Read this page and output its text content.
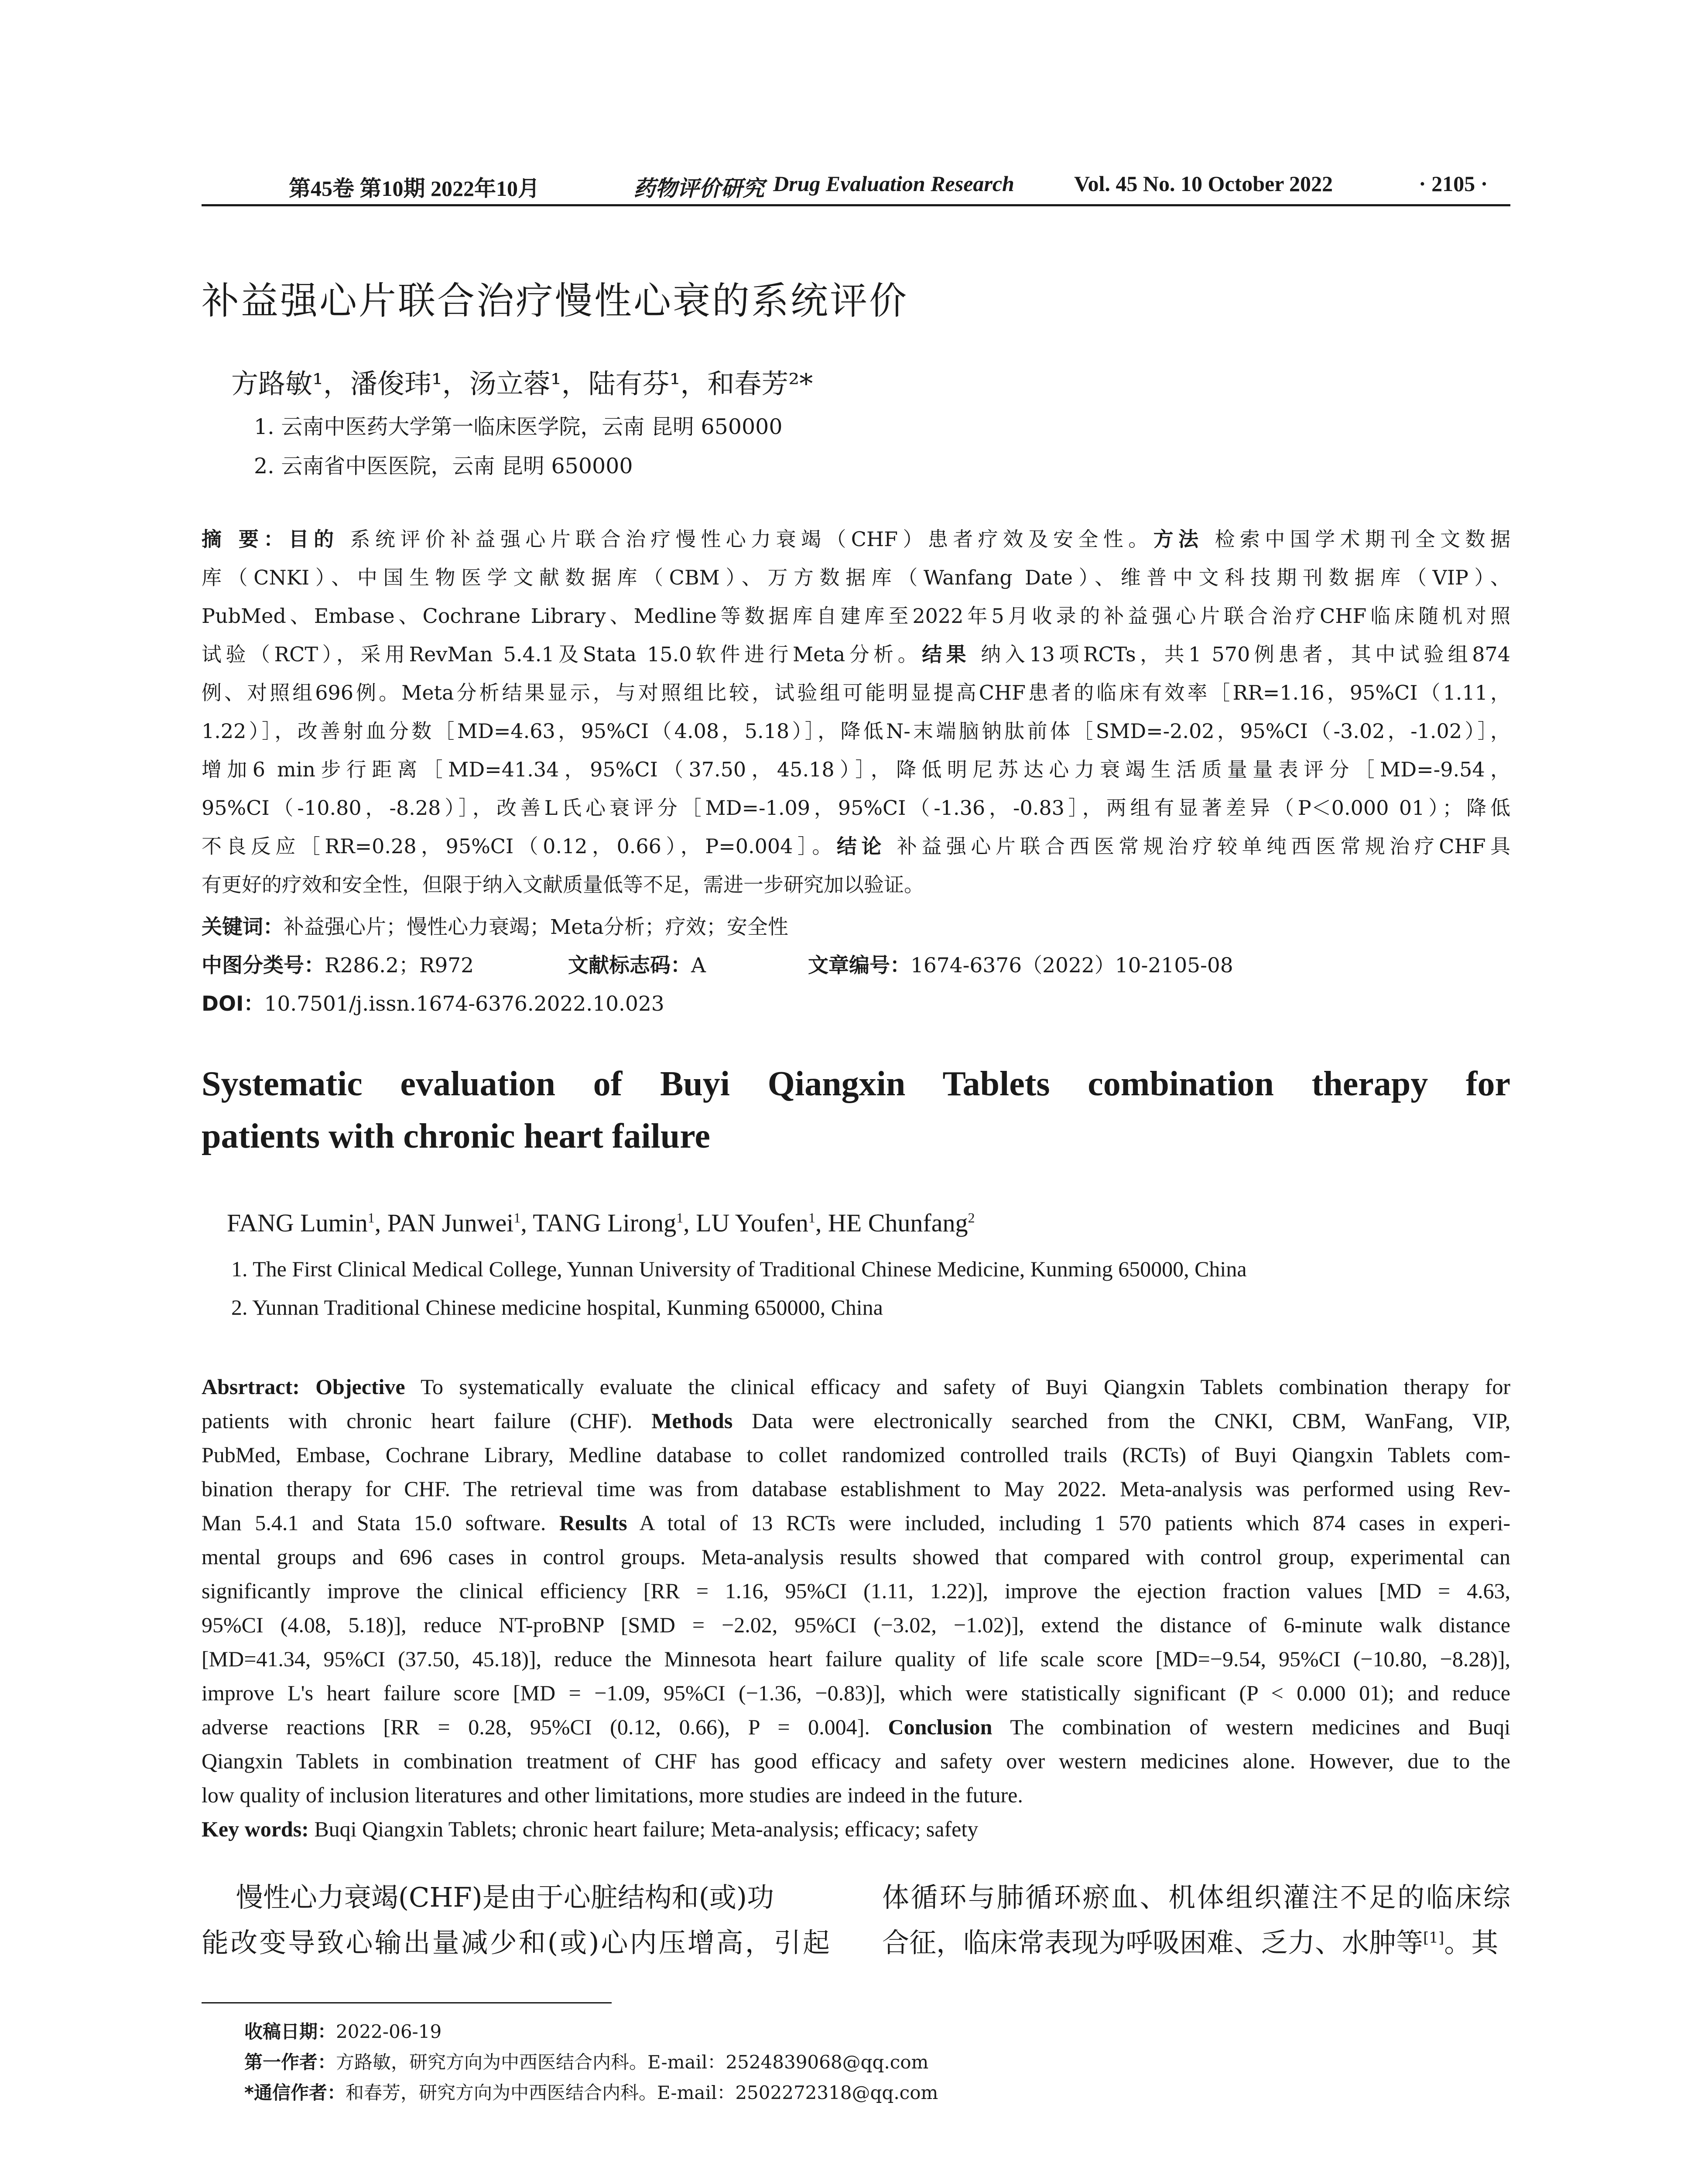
第45卷 第10期 2022年10月	药物评价研究 Drug Evaluation Research	Vol. 45 No. 10 October 2022	· 2105 ·
补益强心片联合治疗慢性心衰的系统评价
方路敏¹，潘俊玮¹，汤立蓉¹，陆有芬¹，和春芳²*
1. 云南中医药大学第一临床医学院，云南 昆明 650000
2. 云南省中医医院，云南 昆明 650000
摘 要：目的 系统评价补益强心片联合治疗慢性心力衰竭（CHF）患者疗效及安全性。方法 检索中国学术期刊全文数据
库（CNKI）、中国生物医学文献数据库（CBM）、万方数据库（Wanfang Date）、维普中文科技期刊数据库（VIP）、
PubMed、Embase、Cochrane Library、Medline等数据库自建库至2022年5月收录的补益强心片联合治疗CHF临床随机对照
试验（RCT），采用RevMan 5.4.1及Stata 15.0软件进行Meta分析。结果 纳入13项RCTs，共1 570例患者，其中试验组874
例、对照组696例。Meta分析结果显示，与对照组比较，试验组可能明显提高CHF患者的临床有效率［RR=1.16，95%CI（1.11，
1.22）］，改善射血分数［MD=4.63，95%CI（4.08，5.18）］，降低N-末端脑钠肽前体［SMD=-2.02，95%CI（-3.02，-1.02）］，
增加6 min步行距离［MD=41.34，95%CI（37.50，45.18）］，降低明尼苏达心力衰竭生活质量量表评分［MD=-9.54，
95%CI（-10.80，-8.28）］，改善L氏心衰评分［MD=-1.09，95%CI（-1.36，-0.83］，两组有显著差异（P＜0.000 01）；降低
不良反应［RR=0.28，95%CI（0.12，0.66），P=0.004］。结论 补益强心片联合西医常规治疗较单纯西医常规治疗CHF具
有更好的疗效和安全性，但限于纳入文献质量低等不足，需进一步研究加以验证。
关键词：补益强心片；慢性心力衰竭；Meta分析；疗效；安全性
中图分类号：R286.2；R972	文献标志码：A	文章编号：1674-6376（2022）10-2105-08
DOI：10.7501/j.issn.1674-6376.2022.10.023
Systematic evaluation of Buyi Qiangxin Tablets combination therapy for
patients with chronic heart failure
FANG Lumin$^1$, PAN Junwei$^1$, TANG Lirong$^1$, LU Youfen$^1$, HE Chunfang$^2$
1. The First Clinical Medical College, Yunnan University of Traditional Chinese Medicine, Kunming 650000, China
2. Yunnan Traditional Chinese medicine hospital, Kunming 650000, China
Absrtract: Objective To systematically evaluate the clinical efficacy and safety of Buyi Qiangxin Tablets combination therapy for
patients with chronic heart failure (CHF). Methods Data were electronically searched from the CNKI, CBM, WanFang, VIP,
PubMed, Embase, Cochrane Library, Medline database to collet randomized controlled trails (RCTs) of Buyi Qiangxin Tablets com-
bination therapy for CHF. The retrieval time was from database establishment to May 2022. Meta-analysis was performed using Rev-
Man 5.4.1 and Stata 15.0 software. Results A total of 13 RCTs were included, including 1 570 patients which 874 cases in experi-
mental groups and 696 cases in control groups. Meta-analysis results showed that compared with control group, experimental can
significantly improve the clinical efficiency [RR = 1.16, 95%CI (1.11, 1.22)], improve the ejection fraction values [MD = 4.63,
95%CI (4.08, 5.18)], reduce NT-proBNP [SMD = −2.02, 95%CI (−3.02, −1.02)], extend the distance of 6-minute walk distance
[MD=41.34, 95%CI (37.50, 45.18)], reduce the Minnesota heart failure quality of life scale score [MD=−9.54, 95%CI (−10.80, −8.28)],
improve L's heart failure score [MD = −1.09, 95%CI (−1.36, −0.83)], which were statistically significant (P < 0.000 01); and reduce
adverse reactions [RR = 0.28, 95%CI (0.12, 0.66), P = 0.004]. Conclusion The combination of western medicines and Buqi
Qiangxin Tablets in combination treatment of CHF has good efficacy and safety over western medicines alone. However, due to the
low quality of inclusion literatures and other limitations, more studies are indeed in the future.
Key words: Buqi Qiangxin Tablets; chronic heart failure; Meta-analysis; efficacy; safety
慢性心力衰竭(CHF)是由于心脏结构和(或)功
能改变导致心输出量减少和(或)心内压增高，引起
体循环与肺循环瘀血、机体组织灌注不足的临床综
合征，临床常表现为呼吸困难、乏力、水肿等[1]。其
收稿日期：2022-06-19
第一作者：方路敏，研究方向为中西医结合内科。E-mail：2524839068@qq.com
*通信作者：和春芳，研究方向为中西医结合内科。E-mail：2502272318@qq.com
